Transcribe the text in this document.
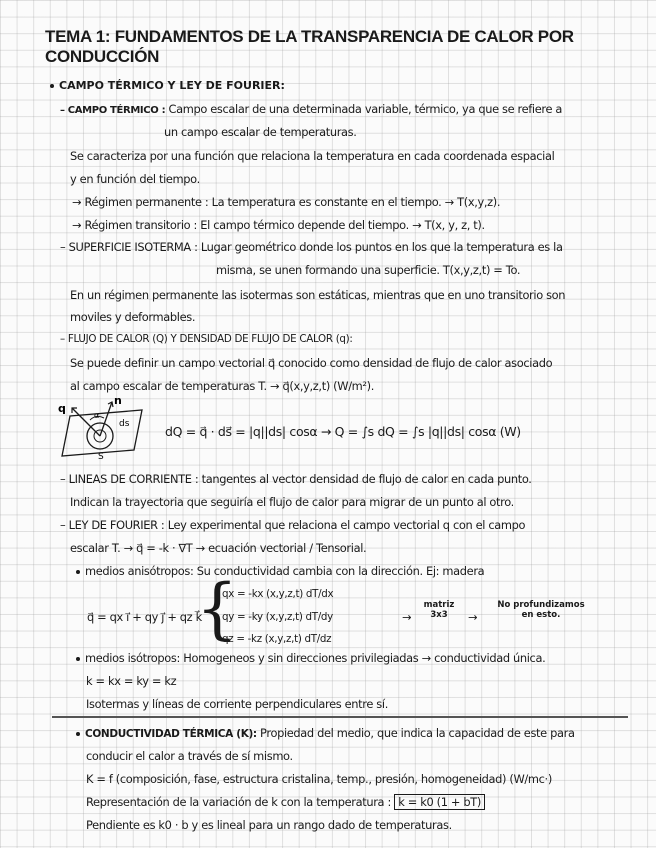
TEMA 1: FUNDAMENTOS DE LA TRANSPARENCIA DE CALOR POR
CONDUCCIÓN
CAMPO TÉRMICO Y LEY DE FOURIER:
– CAMPO TÉRMICO : Campo escalar de una determinada variable, térmico, ya que se refiere a
un campo escalar de temperaturas.
Se caracteriza por una función que relaciona la temperatura en cada coordenada espacial
y en función del tiempo.
→ Régimen permanente : La temperatura es constante en el tiempo. → T(x,y,z).
→ Régimen transitorio : El campo térmico depende del tiempo. → T(x, y, z, t).
– SUPERFICIE ISOTERMA : Lugar geométrico donde los puntos en los que la temperatura es la
misma, se unen formando una superficie. T(x,y,z,t) = To.
En un régimen permanente las isotermas son estáticas, mientras que en uno transitorio son
moviles y deformables.
– FLUJO DE CALOR (Q) Y DENSIDAD DE FLUJO DE CALOR (q):
Se puede definir un campo vectorial q⃗ conocido como densidad de flujo de calor asociado
al campo escalar de temperaturas T. → q⃗(x,y,z,t) (W/m²).
q
n
ds
α
S
dQ = q⃗ · ds⃗ = |q||ds| cosα → Q = ∫s dQ = ∫s |q||ds| cosα (W)
– LINEAS DE CORRIENTE : tangentes al vector densidad de flujo de calor en cada punto.
Indican la trayectoria que seguiría el flujo de calor para migrar de un punto al otro.
– LEY DE FOURIER : Ley experimental que relaciona el campo vectorial q con el campo
escalar T. → q⃗ = -k · ∇T → ecuación vectorial / Tensorial.
medios anisótropos: Su conductividad cambia con la dirección. Ej: madera
q⃗ = qx i⃗ + qy j⃗ + qz k⃗
{
qx = -kx (x,y,z,t) dT/dx
qy = -ky (x,y,z,t) dT/dy
qz = -kz (x,y,z,t) dT/dz
→
matriz
3x3	→
No profundizamos
en esto.
medios isótropos: Homogeneos y sin direcciones privilegiadas → conductividad única.
k = kx = ky = kz
Isotermas y líneas de corriente perpendiculares entre sí.
CONDUCTIVIDAD TÉRMICA (K): Propiedad del medio, que indica la capacidad de este para
conducir el calor a través de sí mismo.
K = f (composición, fase, estructura cristalina, temp., presión, homogeneidad) (W/mc·)
Representación de la variación de k con la temperatura : k = k0 (1 + bT)
Pendiente es k0 · b y es lineal para un rango dado de temperaturas.
